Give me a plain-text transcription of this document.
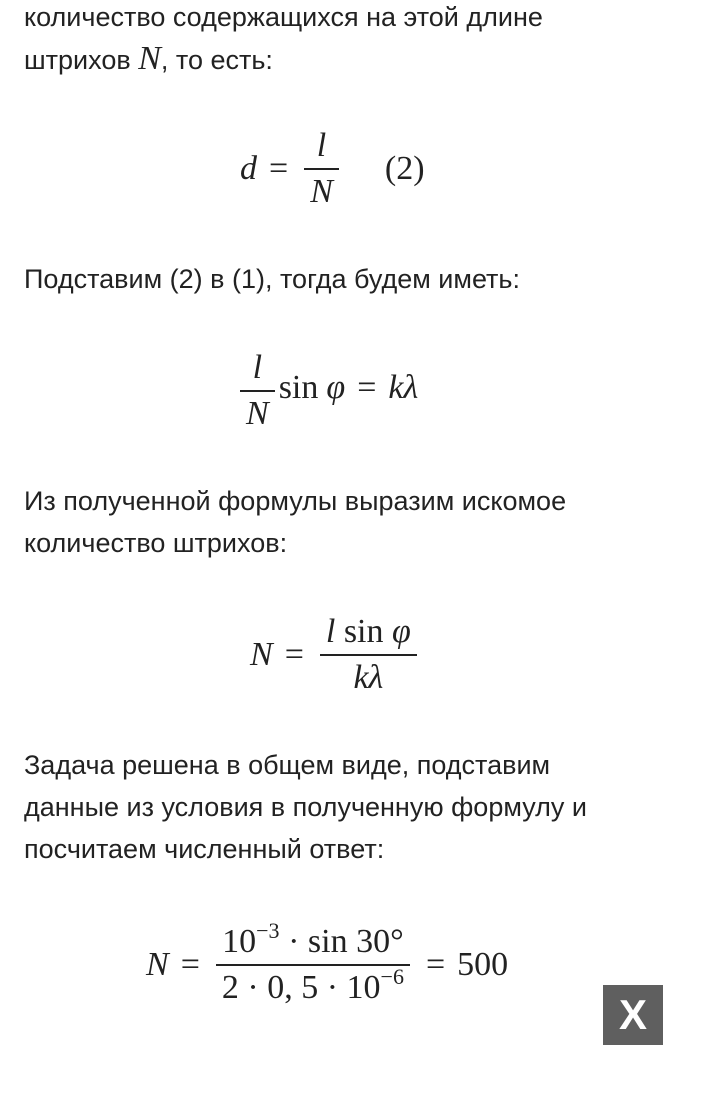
количество содержащихся на этой длине
штрихов N, то есть:
$d = \frac{l}{N} (2)$
Подставим (2) в (1), тогда будем иметь:
$\frac{l}{N}$ sin φ = k λ
Из полученной формулы выразим искомое
количество штрихов:
$N = \frac{\text{l sin φ}}{k\lambda}$
Задача решена в общем виде, подставим
данные из условия в полученную формулу и
посчитаем численный ответ:
$N = \frac{10^{-3} \cdot \sin 30^\circ}{2 \cdot 0, 5 \cdot 10^{-6}} = 500$
X
